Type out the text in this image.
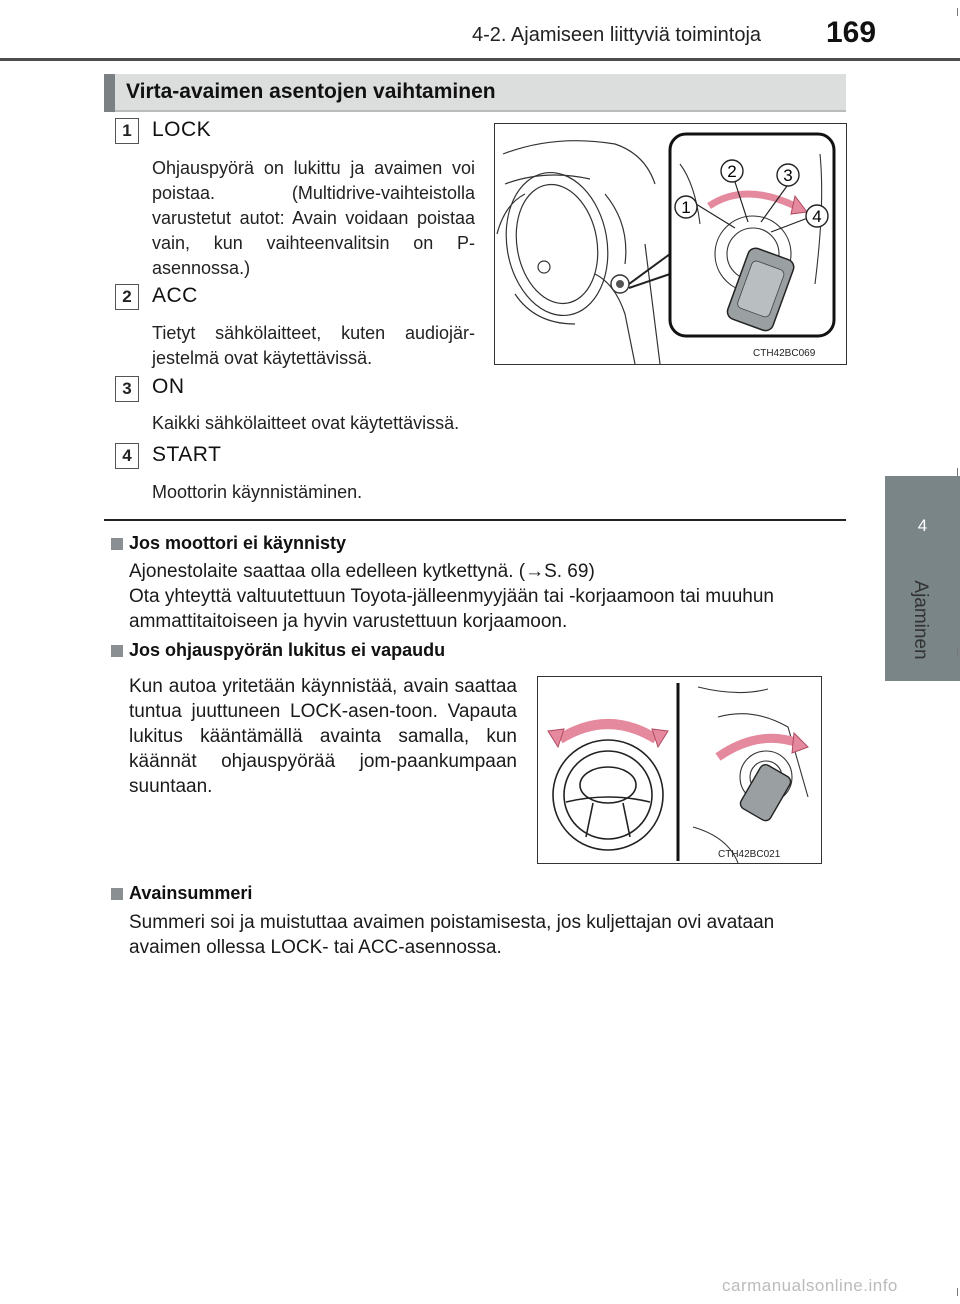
4-2. Ajamiseen liittyviä toimintoja 169
4
Ajaminen
Virta-avaimen asentojen vaihtaminen
1 LOCK
Ohjauspyörä on lukittu ja avaimen voi poistaa. (Multidrive-vaihteistolla varustetut autot: Avain voidaan poistaa vain, kun vaihteenvalitsin on P-asennossa.)
2 ACC
Tietyt sähkölaitteet, kuten audiojär-jestelmä ovat käytettävissä.
3 ON
Kaikki sähkölaitteet ovat käytettävissä.
4 START
Moottorin käynnistäminen.
1
2	3
4
CTH42BC069
Jos moottori ei käynnisty
Ajonestolaite saattaa olla edelleen kytkettynä. (→S. 69)
Ota yhteyttä valtuutettuun Toyota-jälleenmyyjään tai -korjaamoon tai muuhun ammattitaitoiseen ja hyvin varustettuun korjaamoon.
Jos ohjauspyörän lukitus ei vapaudu
Kun autoa yritetään käynnistää, avain saattaa tuntua juuttuneen LOCK-asen-toon. Vapauta lukitus kääntämällä avainta samalla, kun käännät ohjauspyörää jom-paankumpaan suuntaan.
CTH42BC021
Avainsummeri
Summeri soi ja muistuttaa avaimen poistamisesta, jos kuljettajan ovi avataan avaimen ollessa LOCK- tai ACC-asennossa.
carmanualsonline.info
